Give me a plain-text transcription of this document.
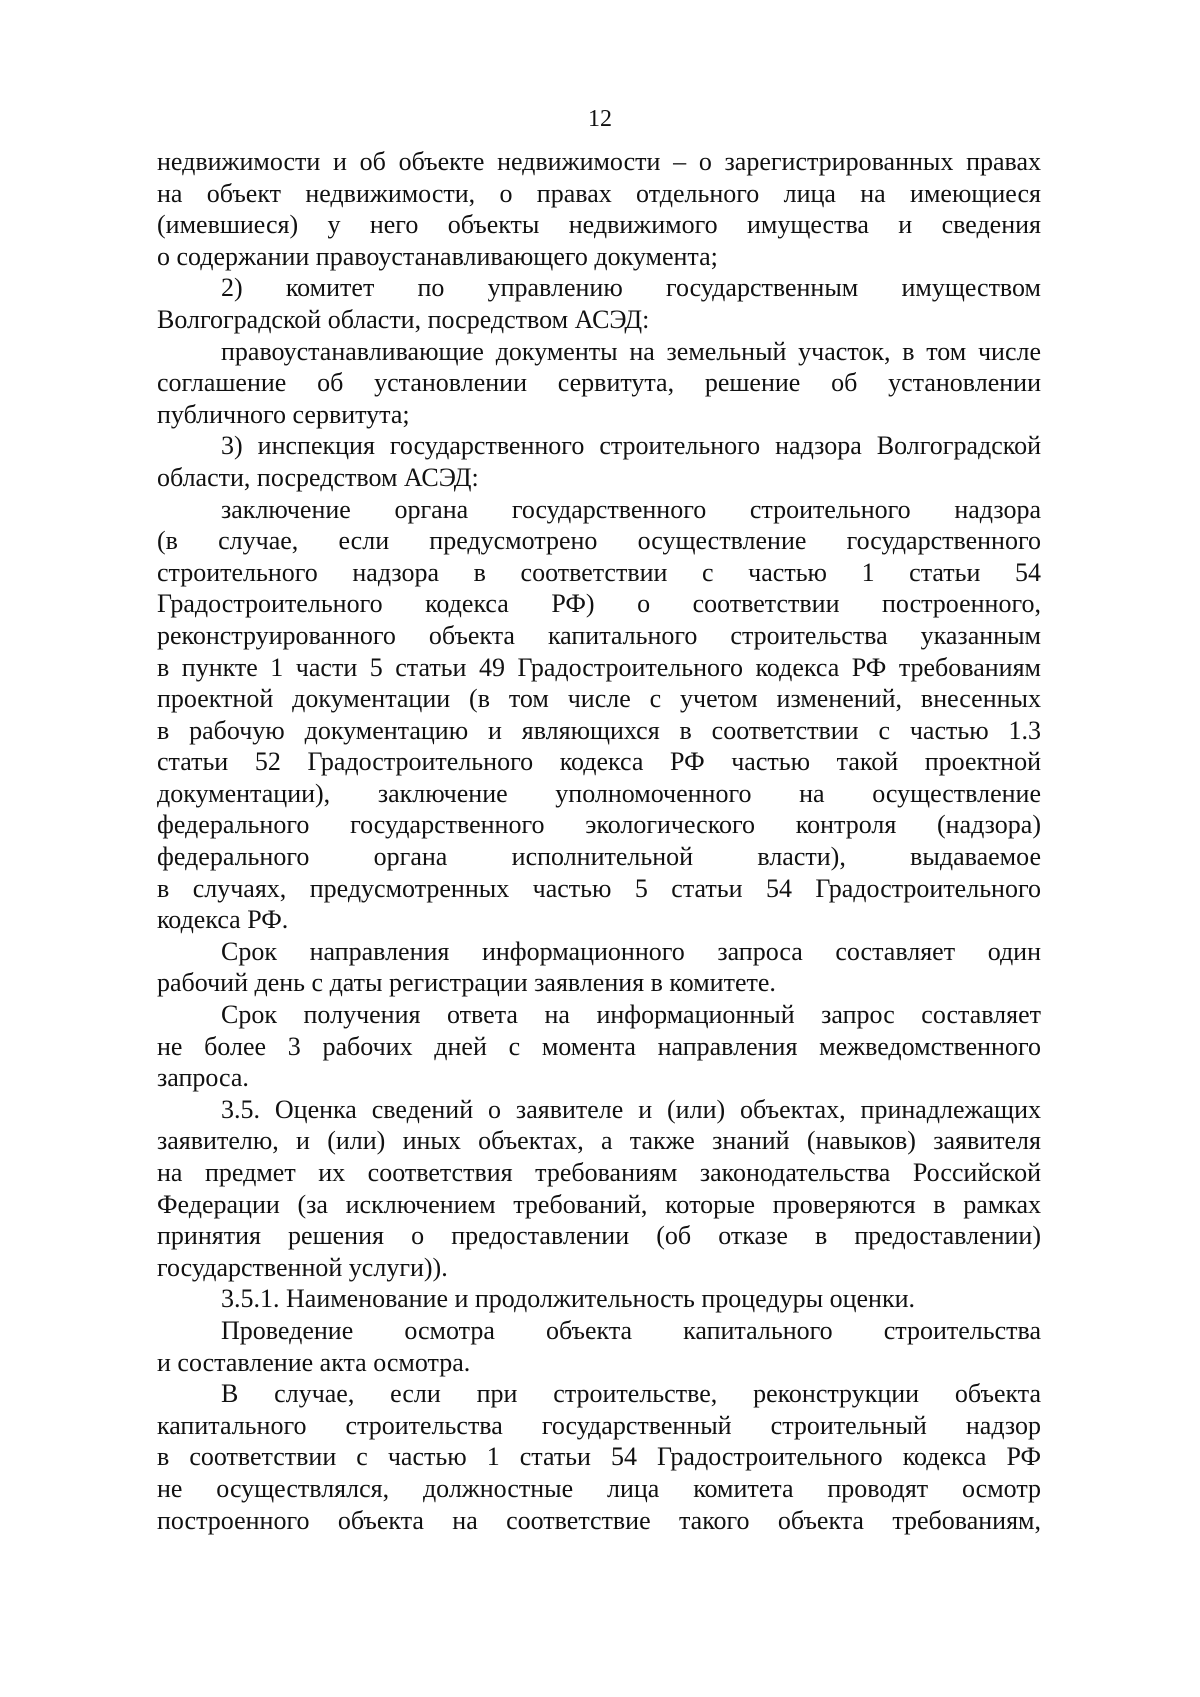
12
недвижимости и об объекте недвижимости – о зарегистрированных правах
на объект недвижимости, о правах отдельного лица на имеющиеся
(имевшиеся) у него объекты недвижимого имущества и сведения
о содержании правоустанавливающего документа;
2) комитет по управлению государственным имуществом
Волгоградской области, посредством АСЭД:
правоустанавливающие документы на земельный участок, в том числе
соглашение об установлении сервитута, решение об установлении
публичного сервитута;
3) инспекция государственного строительного надзора Волгоградской
области, посредством АСЭД:
заключение органа государственного строительного надзора
(в случае, если предусмотрено осуществление государственного
строительного надзора в соответствии с частью 1 статьи 54
Градостроительного кодекса РФ) о соответствии построенного,
реконструированного объекта капитального строительства указанным
в пункте 1 части 5 статьи 49 Градостроительного кодекса РФ требованиям
проектной документации (в том числе с учетом изменений, внесенных
в рабочую документацию и являющихся в соответствии с частью 1.3
статьи 52 Градостроительного кодекса РФ частью такой проектной
документации), заключение уполномоченного на осуществление
федерального государственного экологического контроля (надзора)
федерального органа исполнительной власти), выдаваемое
в случаях, предусмотренных частью 5 статьи 54 Градостроительного
кодекса РФ.
Срок направления информационного запроса составляет один
рабочий день с даты регистрации заявления в комитете.
Срок получения ответа на информационный запрос составляет
не более 3 рабочих дней с момента направления межведомственного
запроса.
3.5. Оценка сведений о заявителе и (или) объектах, принадлежащих
заявителю, и (или) иных объектах, а также знаний (навыков) заявителя
на предмет их соответствия требованиям законодательства Российской
Федерации (за исключением требований, которые проверяются в рамках
принятия решения о предоставлении (об отказе в предоставлении)
государственной услуги)).
3.5.1. Наименование и продолжительность процедуры оценки.
Проведение осмотра объекта капитального строительства
и составление акта осмотра.
В случае, если при строительстве, реконструкции объекта
капитального строительства государственный строительный надзор
в соответствии с частью 1 статьи 54 Градостроительного кодекса РФ
не осуществлялся, должностные лица комитета проводят осмотр
построенного объекта на соответствие такого объекта требованиям,
